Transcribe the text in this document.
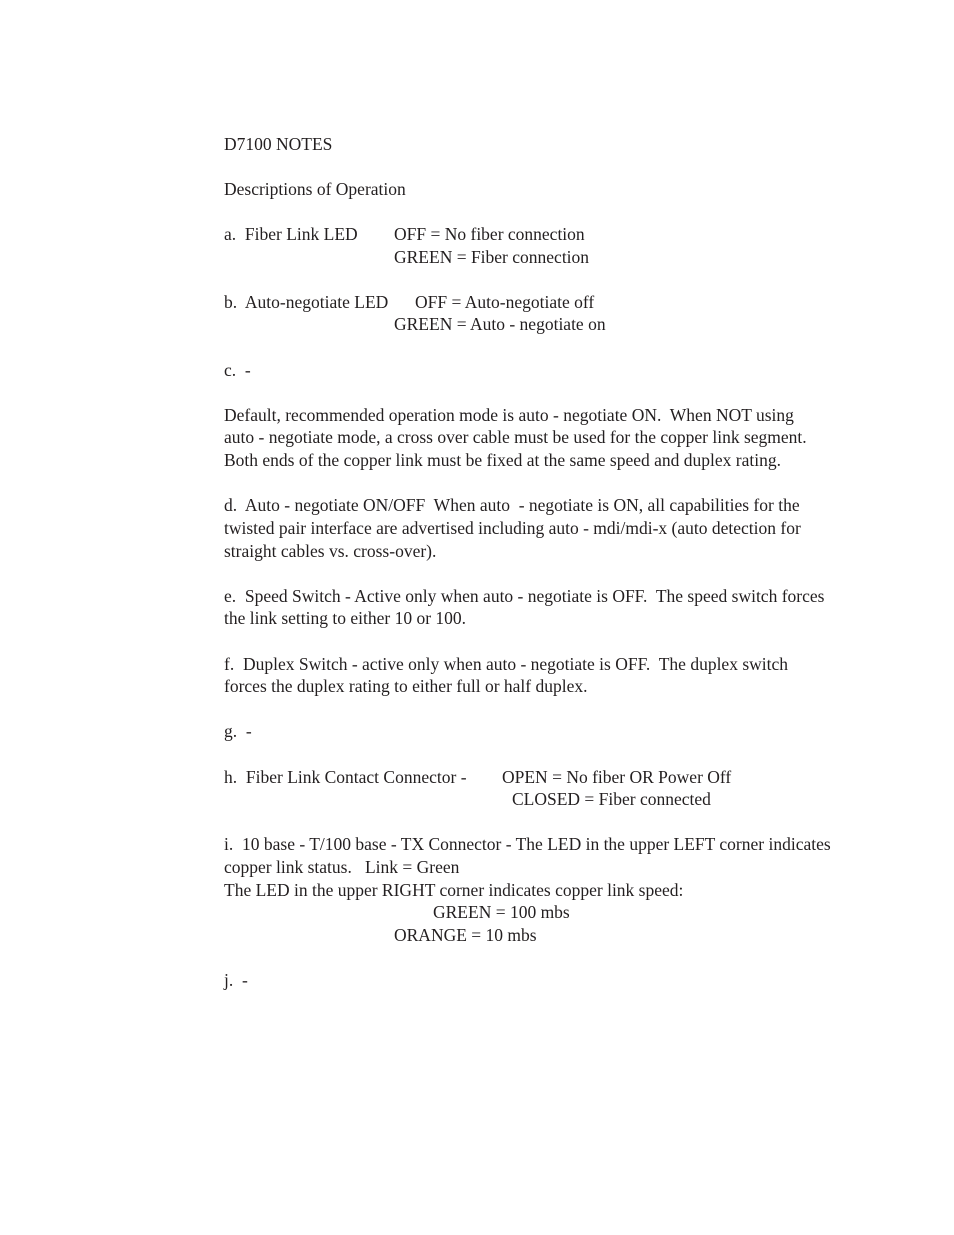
D7100 NOTES
Descriptions of Operation
a.  Fiber Link LED OFF = No fiber connection
GREEN = Fiber connection
b.  Auto-negotiate LED OFF = Auto-negotiate off
GREEN = Auto - negotiate on
c.  -
Default, recommended operation mode is auto - negotiate ON.  When NOT using
auto - negotiate mode, a cross over cable must be used for the copper link segment.
Both ends of the copper link must be fixed at the same speed and duplex rating.
d.  Auto - negotiate ON/OFF  When auto  - negotiate is ON, all capabilities for the
twisted pair interface are advertised including auto - mdi/mdi-x (auto detection for
straight cables vs. cross-over).
e.  Speed Switch - Active only when auto - negotiate is OFF.  The speed switch forces
the link setting to either 10 or 100.
f.  Duplex Switch - active only when auto - negotiate is OFF.  The duplex switch
forces the duplex rating to either full or half duplex.
g.  -
h.  Fiber Link Contact Connector - OPEN = No fiber OR Power Off
CLOSED = Fiber connected
i.  10 base - T/100 base - TX Connector - The LED in the upper LEFT corner indicates
copper link status.   Link = Green
The LED in the upper RIGHT corner indicates copper link speed:
GREEN = 100 mbs
ORANGE = 10 mbs
j.  -
